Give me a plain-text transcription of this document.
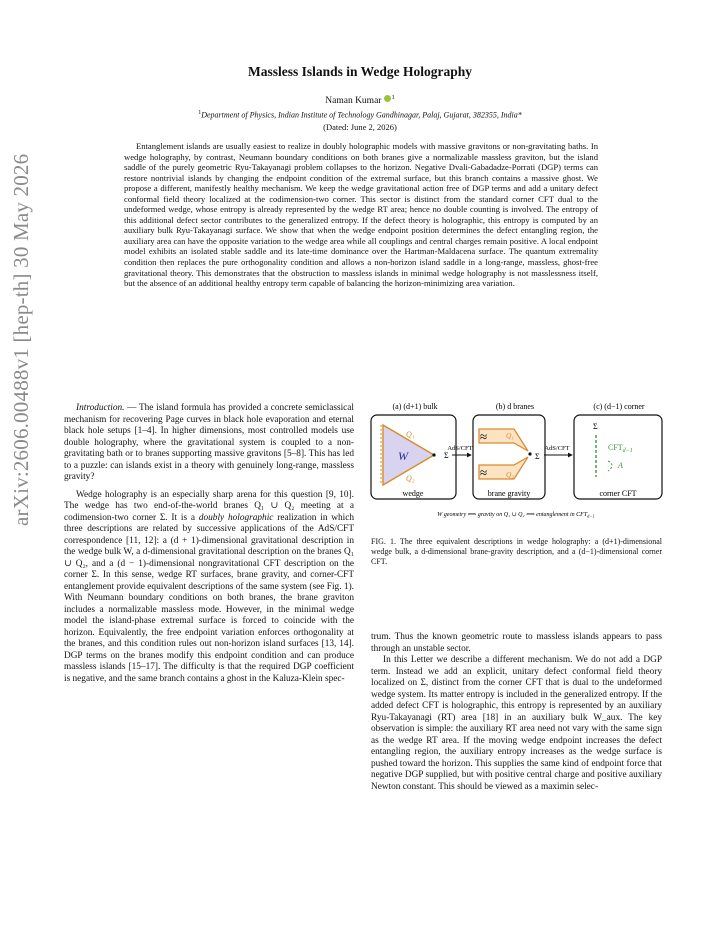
arXiv:2606.00488v1 [hep-th] 30 May 2026
Massless Islands in Wedge Holography
Naman Kumar $^1$
$^1$Department of Physics, Indian Institute of Technology Gandhinagar, Palaj, Gujarat, 382355, India*
(Dated: June 2, 2026)
Entanglement islands are usually easiest to realize in doubly holographic models with massive gravitons or non-gravitating baths. In wedge holography, by contrast, Neumann boundary conditions on both branes give a normalizable massless graviton, but the island saddle of the purely geometric Ryu-Takayanagi problem collapses to the horizon. Negative Dvali-Gabadadze-Porrati (DGP) terms can restore nontrivial islands by changing the endpoint condition of the extremal surface, but this branch contains a massive ghost. We propose a different, manifestly healthy mechanism. We keep the wedge gravitational action free of DGP terms and add a unitary defect conformal field theory localized at the codimension-two corner. This sector is distinct from the standard corner CFT dual to the undeformed wedge, whose entropy is already represented by the wedge RT area; hence no double counting is involved. The entropy of this additional defect sector contributes to the generalized entropy. If the defect theory is holographic, this entropy is computed by an auxiliary bulk Ryu-Takayanagi surface. We show that when the wedge endpoint position determines the defect entangling region, the auxiliary area can have the opposite variation to the wedge area while all couplings and central charges remain positive. A local endpoint model exhibits an isolated stable saddle and its late-time dominance over the Hartman-Maldacena surface. The quantum extremality condition then replaces the pure orthogonality condition and allows a non-horizon island saddle in a long-range, massless, ghost-free gravitational theory. This demonstrates that the obstruction to massless islands in minimal wedge holography is not masslessness itself, but the absence of an additional healthy entropy term capable of balancing the horizon-minimizing area variation.

Introduction. — The island formula has provided a concrete semiclassical mechanism for recovering Page curves in black hole evaporation and eternal black hole setups [1–4]. In higher dimensions, most controlled models use double holography, where the gravitational system is coupled to a non-gravitating bath or to branes supporting massive gravitons [5–8]. This has led to a puzzle: can islands exist in a theory with genuinely long-range, massless gravity?

Wedge holography is an especially sharp arena for this question [9, 10]. The wedge has two end-of-the-world branes Q₁ ∪ Q₂ meeting at a codimension-two corner Σ. It is a doubly holographic realization in which three descriptions are related by successive applications of the AdS/CFT correspondence [11, 12]: a (d + 1)-dimensional gravitational description in the wedge bulk W, a d-dimensional gravitational description on the branes Q₁ ∪ Q₂, and a (d − 1)-dimensional nongravitational CFT description on the corner Σ. In this sense, wedge RT surfaces, brane gravity, and corner-CFT entanglement provide equivalent descriptions of the same system (see Fig. 1). With Neumann boundary conditions on both branes, the brane graviton includes a normalizable massless mode. However, in the minimal wedge model the island-phase extremal surface is forced to coincide with the horizon. Equivalently, the free endpoint variation enforces orthogonality at the branes, and this condition rules out non-horizon island surfaces [13, 14]. DGP terms on the branes modify this endpoint condition and can produce massless islands [15–17]. The difficulty is that the required DGP coefficient is negative, and the same branch contains a ghost in the Kaluza-Klein spec-

(a) (d+1) bulk	(b) d branes	(c) (d−1) corner
W
Q₁
Q₂
Σ
wedge
AdS/CFT
≈
≈
Q₁
Q₂
Σ
brane gravity
AdS/CFT
Σ
$CFT_{d-1}$
A
corner CFT
W geometry ⟺ gravity on Q₁ ∪ Q₂ ⟺ entanglement in $CFT_{d-1}$
FIG. 1. The three equivalent descriptions in wedge holography: a (d+1)-dimensional wedge bulk, a d-dimensional brane-gravity description, and a (d−1)-dimensional corner CFT.

trum. Thus the known geometric route to massless islands appears to pass through an unstable sector.

In this Letter we describe a different mechanism. We do not add a DGP term. Instead we add an explicit, unitary defect conformal field theory localized on Σ, distinct from the corner CFT that is dual to the undeformed wedge system. Its matter entropy is included in the generalized entropy. If the added defect CFT is holographic, this entropy is represented by an auxiliary Ryu-Takayanagi (RT) area [18] in an auxiliary bulk W_aux. The key observation is simple: the auxiliary RT area need not vary with the same sign as the wedge RT area. If the moving wedge endpoint increases the defect entangling region, the auxiliary entropy increases as the wedge surface is pushed toward the horizon. This supplies the same kind of endpoint force that negative DGP supplied, but with positive central charge and positive auxiliary Newton constant. This should be viewed as a maximin selec-
